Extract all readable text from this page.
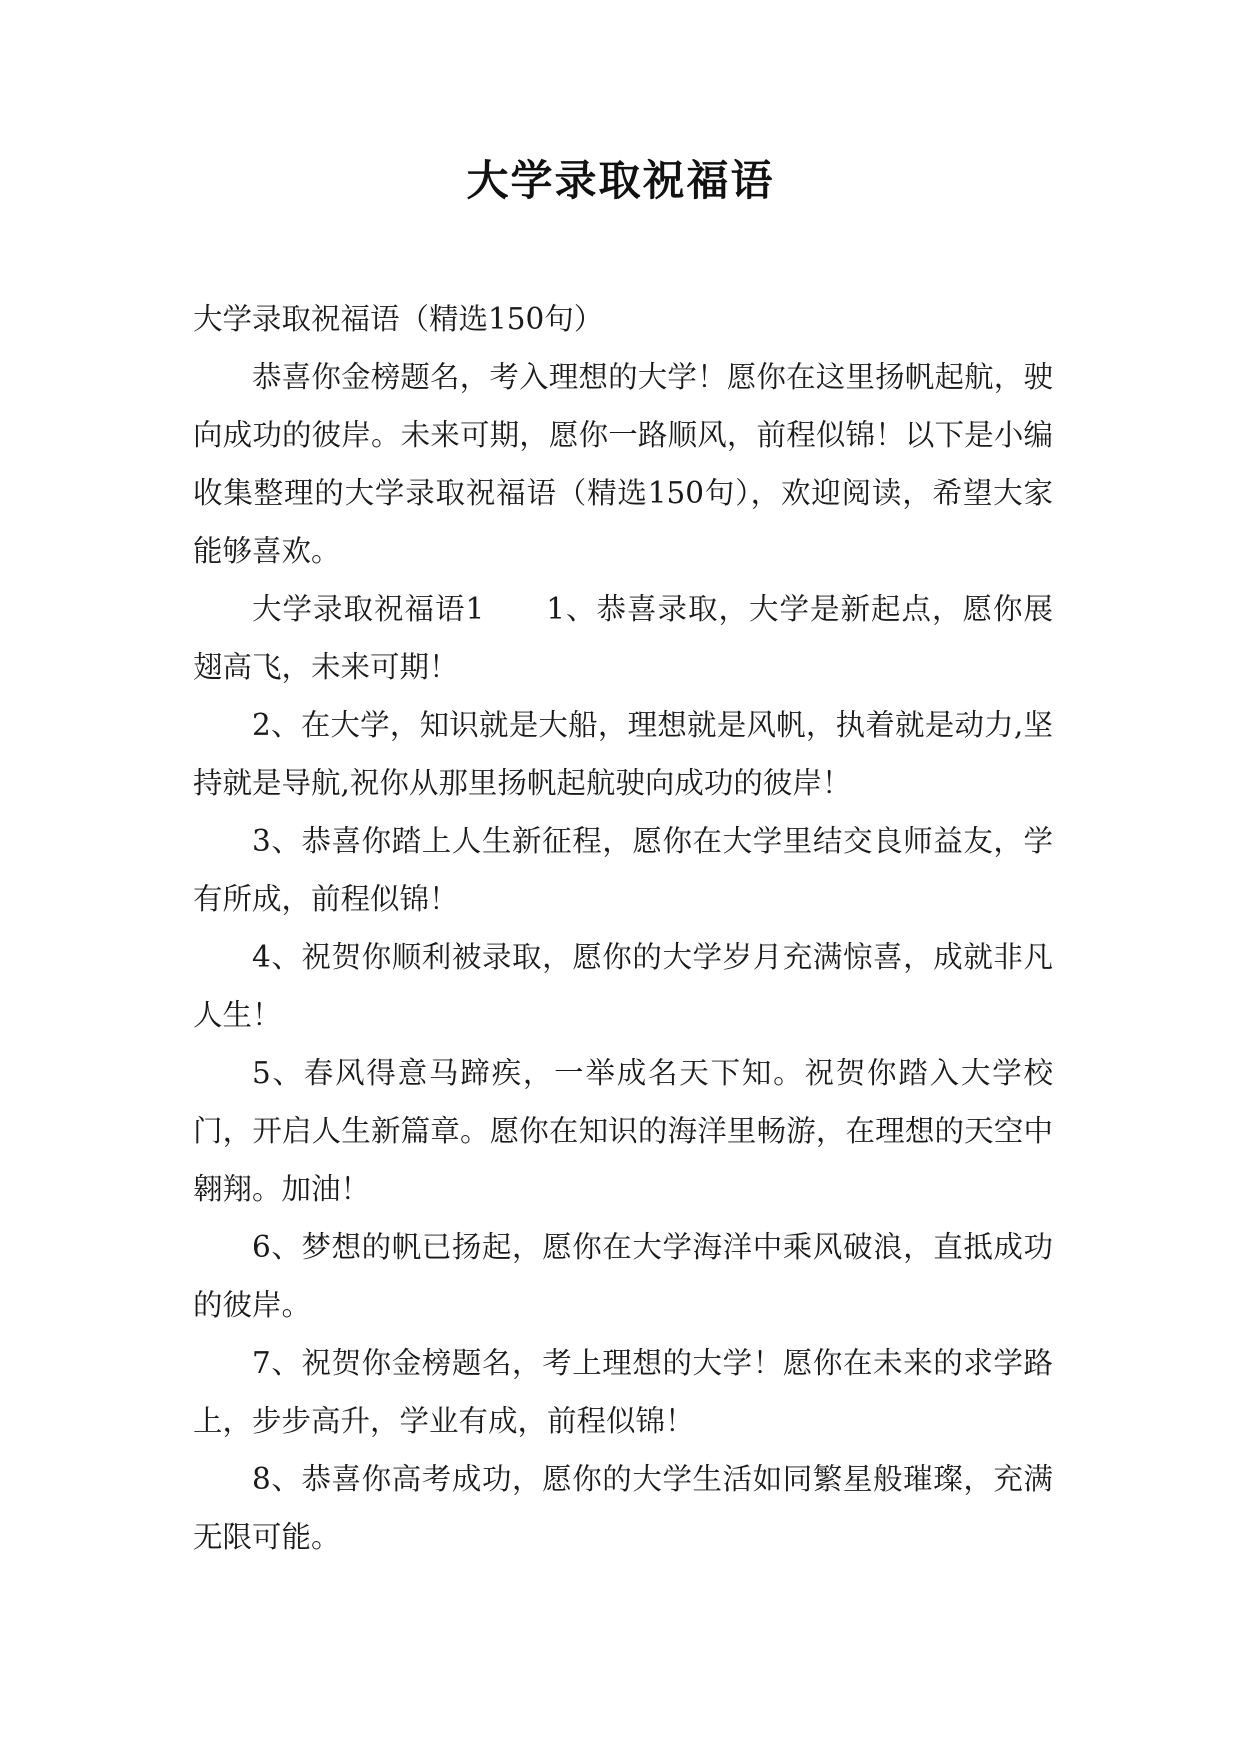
大学录取祝福语

大学录取祝福语（精选150句）

恭喜你金榜题名，考入理想的大学！愿你在这里扬帆起航，驶向成功的彼岸。未来可期，愿你一路顺风，前程似锦！以下是小编收集整理的大学录取祝福语（精选150句），欢迎阅读，希望大家能够喜欢。

大学录取祝福语1　　1、恭喜录取，大学是新起点，愿你展翅高飞，未来可期！

2、在大学，知识就是大船，理想就是风帆，执着就是动力,坚持就是导航,祝你从那里扬帆起航驶向成功的彼岸！

3、恭喜你踏上人生新征程，愿你在大学里结交良师益友，学有所成，前程似锦！

4、祝贺你顺利被录取，愿你的大学岁月充满惊喜，成就非凡人生！

5、春风得意马蹄疾，一举成名天下知。祝贺你踏入大学校门，开启人生新篇章。愿你在知识的海洋里畅游，在理想的天空中翱翔。加油！

6、梦想的帆已扬起，愿你在大学海洋中乘风破浪，直抵成功的彼岸。

7、祝贺你金榜题名，考上理想的大学！愿你在未来的求学路上，步步高升，学业有成，前程似锦！

8、恭喜你高考成功，愿你的大学生活如同繁星般璀璨，充满无限可能。
